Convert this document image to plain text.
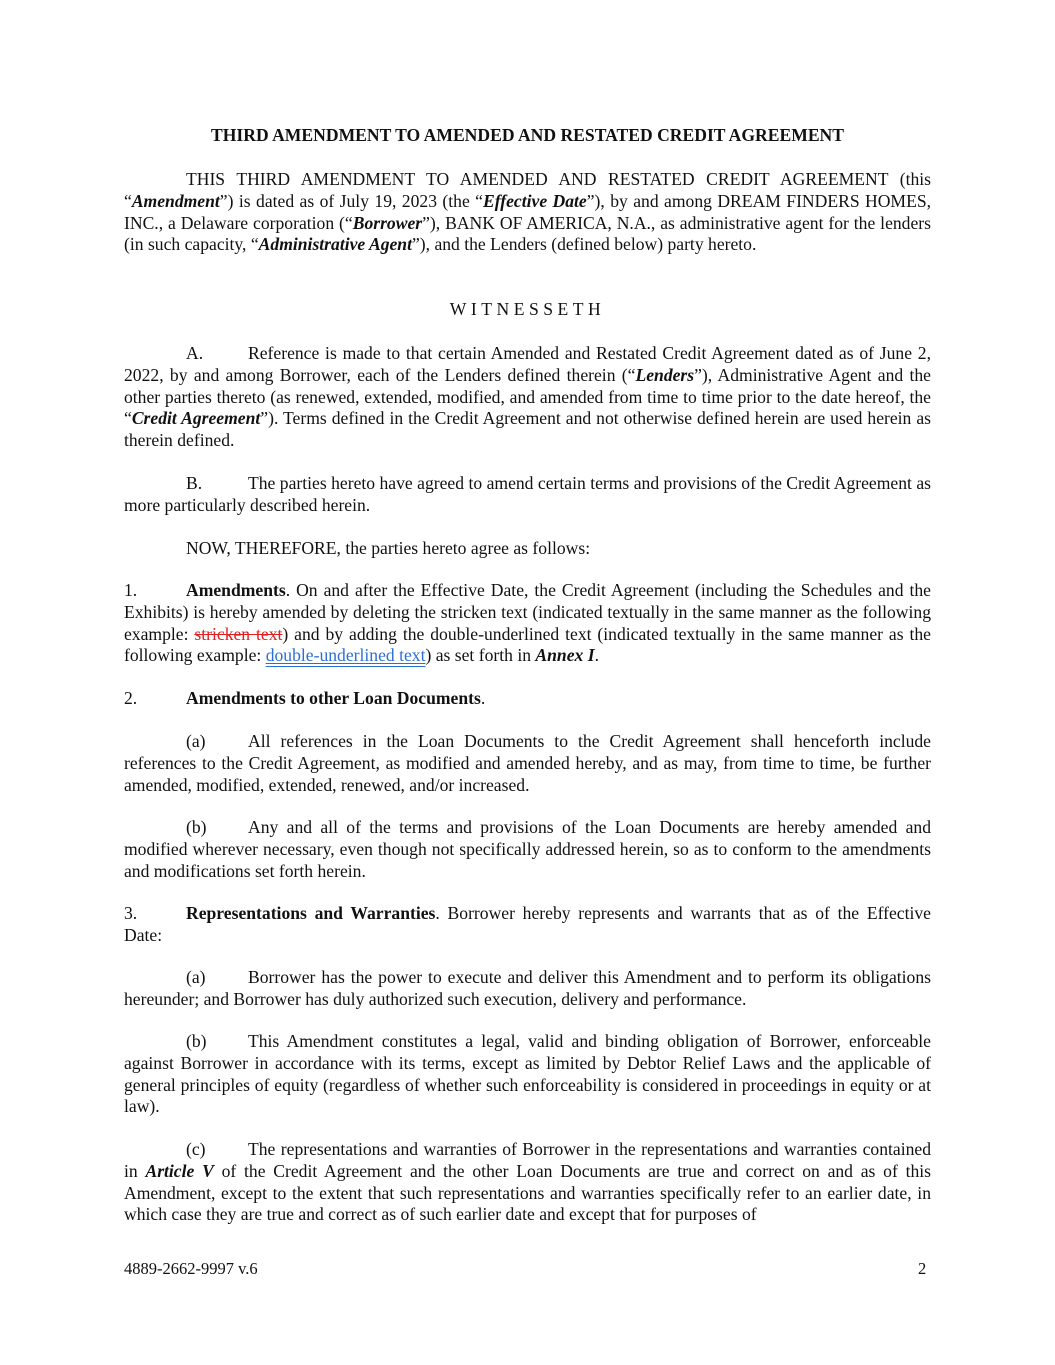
THIRD AMENDMENT TO AMENDED AND RESTATED CREDIT AGREEMENT

THIS THIRD AMENDMENT TO AMENDED AND RESTATED CREDIT AGREEMENT (this “Amendment”) is dated as of July 19, 2023 (the “Effective Date”), by and among DREAM FINDERS HOMES, INC., a Delaware corporation (“Borrower”), BANK OF AMERICA, N.A., as administrative agent for the lenders (in such capacity, “Administrative Agent”), and the Lenders (defined below) party hereto.

WITNESSETH

A.	Reference is made to that certain Amended and Restated Credit Agreement dated as of June 2, 2022, by and among Borrower, each of the Lenders defined therein (“Lenders”), Administrative Agent and the other parties thereto (as renewed, extended, modified, and amended from time to time prior to the date hereof, the “Credit Agreement”). Terms defined in the Credit Agreement and not otherwise defined herein are used herein as therein defined.

B.	The parties hereto have agreed to amend certain terms and provisions of the Credit Agreement as more particularly described herein.

NOW, THEREFORE, the parties hereto agree as follows:

1.	Amendments. On and after the Effective Date, the Credit Agreement (including the Schedules and the Exhibits) is hereby amended by deleting the stricken text (indicated textually in the same manner as the following example: stricken text) and by adding the double-underlined text (indicated textually in the same manner as the following example: double-underlined text) as set forth in Annex I.

2.	Amendments to other Loan Documents.

(a) All references in the Loan Documents to the Credit Agreement shall henceforth include references to the Credit Agreement, as modified and amended hereby, and as may, from time to time, be further amended, modified, extended, renewed, and/or increased.

(b) Any and all of the terms and provisions of the Loan Documents are hereby amended and modified wherever necessary, even though not specifically addressed herein, so as to conform to the amendments and modifications set forth herein.

3.	Representations and Warranties. Borrower hereby represents and warrants that as of the Effective Date:

(a) Borrower has the power to execute and deliver this Amendment and to perform its obligations hereunder; and Borrower has duly authorized such execution, delivery and performance.

(b) This Amendment constitutes a legal, valid and binding obligation of Borrower, enforceable against Borrower in accordance with its terms, except as limited by Debtor Relief Laws and the applicable of general principles of equity (regardless of whether such enforceability is considered in proceedings in equity or at law).

(c) The representations and warranties of Borrower in the representations and warranties contained in Article V of the Credit Agreement and the other Loan Documents are true and correct on and as of this Amendment, except to the extent that such representations and warranties specifically refer to an earlier date, in which case they are true and correct as of such earlier date and except that for purposes of

4889-2662-9997 v.6	2
